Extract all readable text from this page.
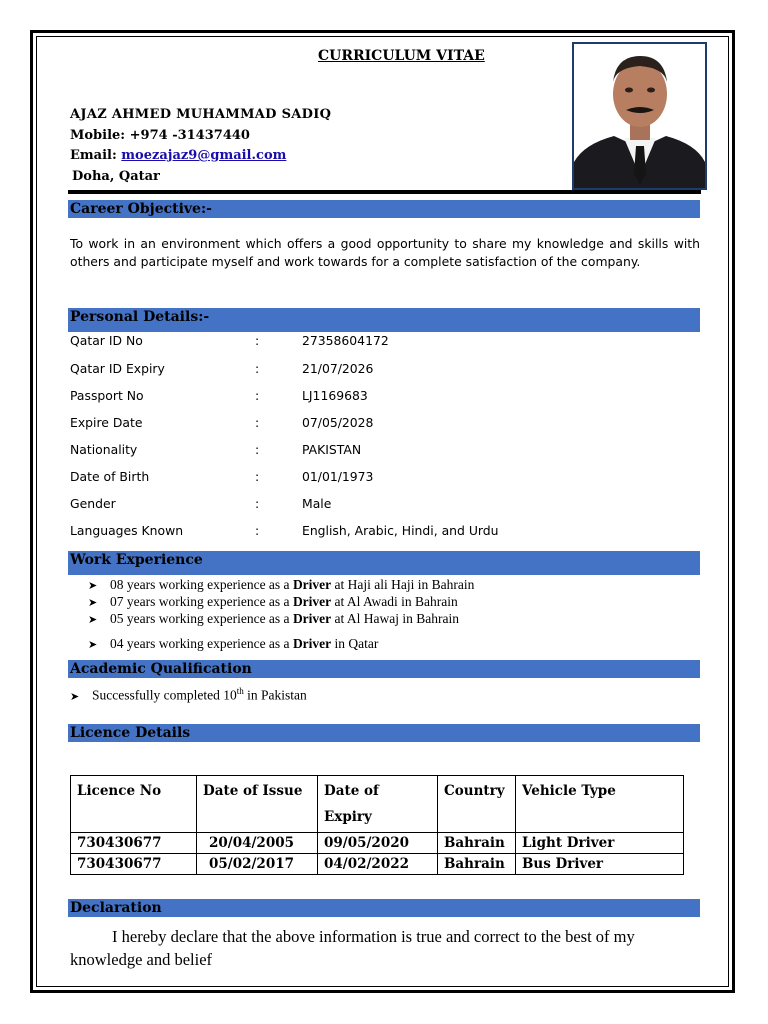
CURRICULUM VITAE
AJAZ AHMED MUHAMMAD SADIQ
Mobile: +974 -31437440
Email: moezajaz9@gmail.com
Doha, Qatar
Career Objective:-
To work in an environment which offers a good opportunity to share my knowledge and skills with others and participate myself and work towards for a complete satisfaction of the company.
Personal Details:-
Qatar ID No	:	27358604172
Qatar ID Expiry	:	21/07/2026
Passport No	:	LJ1169683
Expire Date	:	07/05/2028
Nationality	:	PAKISTAN
Date of Birth	:	01/01/1973
Gender	:	Male
Languages Known	:	English, Arabic, Hindi, and Urdu
Work Experience
➤ 08 years working experience as a Driver at Haji ali Haji in Bahrain
➤ 07 years working experience as a Driver at Al Awadi in Bahrain
➤ 05 years working experience as a Driver at Al Hawaj in Bahrain
➤ 04 years working experience as a Driver in Qatar
Academic Qualification
➤ Successfully completed 10th in Pakistan
Licence Details
Licence No	Date of Issue	Date of Expiry	Country	Vehicle Type
730430677	20/04/2005	09/05/2020	Bahrain	Light Driver
730430677	05/02/2017	04/02/2022	Bahrain	Bus Driver
Declaration
I hereby declare that the above information is true and correct to the best of my knowledge and belief
